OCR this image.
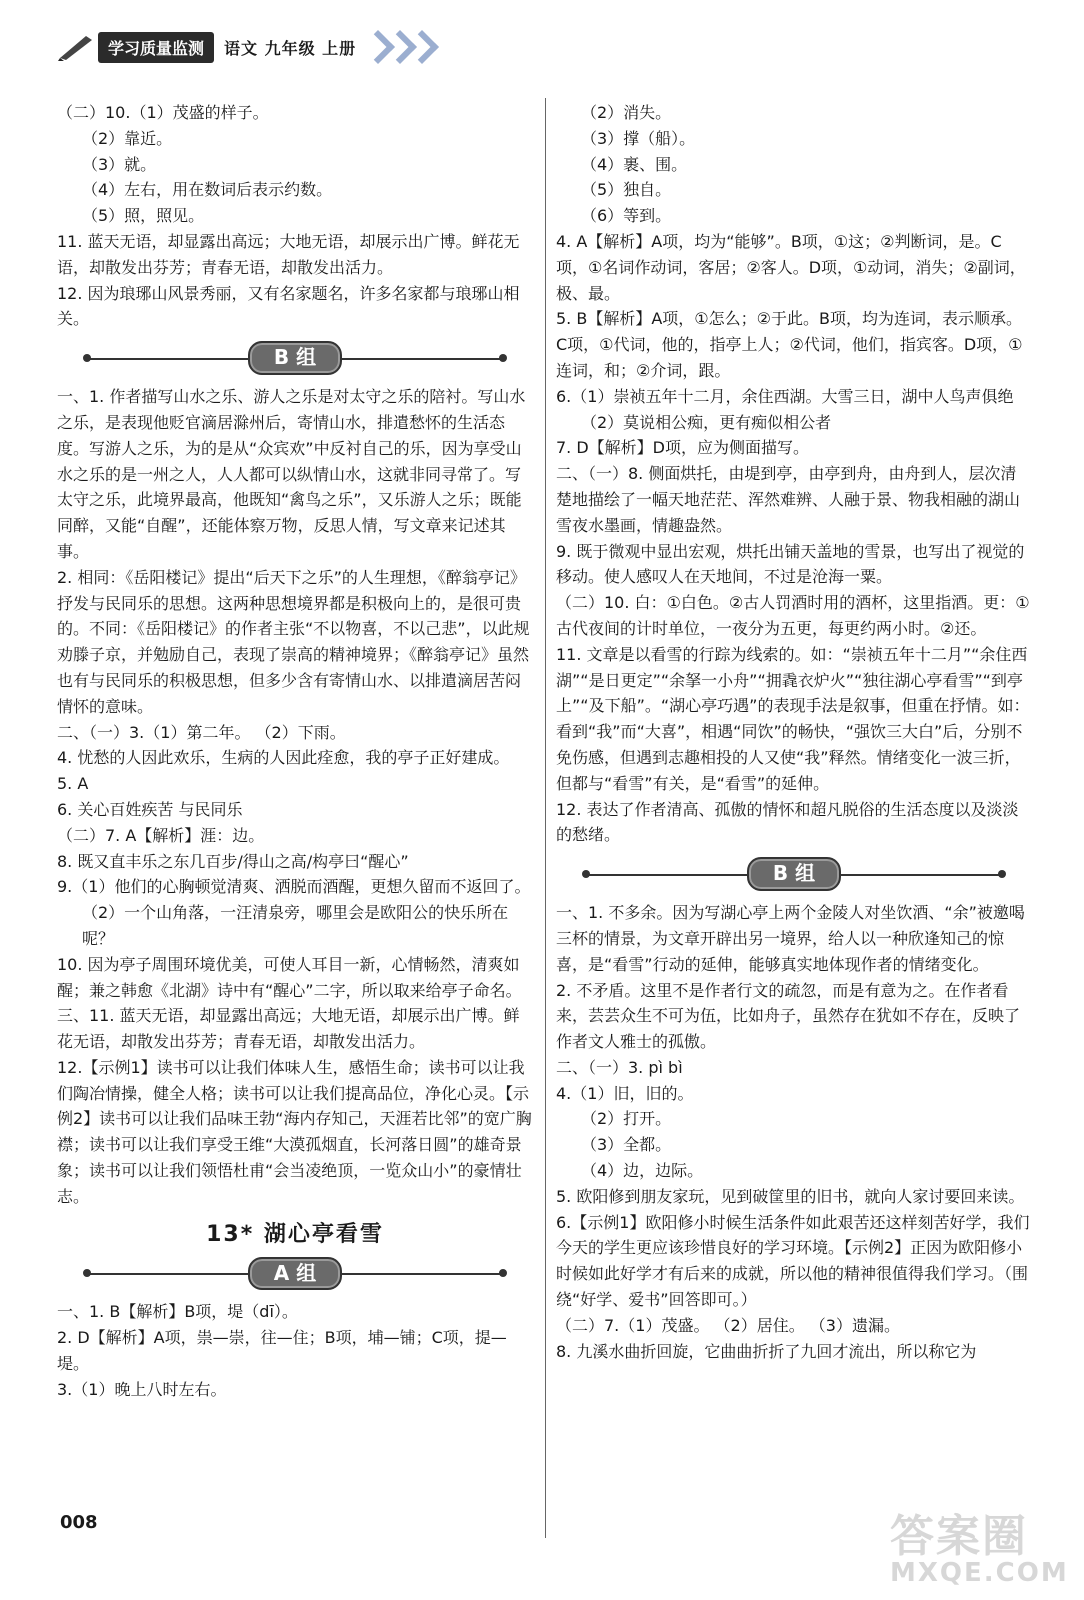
学习质量监测	语文 九年级 上册

（二）10.（1）茂盛的样子。

（2）靠近。

（3）就。

（4）左右，用在数词后表示约数。

（5）照，照见。

11. 蓝天无语，却显露出高远；大地无语，却展示出广博。鲜花无语，却散发出芬芳；青春无语，却散发出活力。

12. 因为琅琊山风景秀丽，又有名家题名，许多名家都与琅琊山相关。

B 组

一、1. 作者描写山水之乐、游人之乐是对太守之乐的陪衬。写山水之乐，是表现他贬官滴居滁州后，寄情山水，排遣愁怀的生活态度。写游人之乐，为的是从“众宾欢”中反衬自己的乐，因为享受山水之乐的是一州之人，人人都可以纵情山水，这就非同寻常了。写太守之乐，此境界最高，他既知“禽鸟之乐”，又乐游人之乐；既能同醉，又能“自醒”，还能体察万物，反思人情，写文章来记述其事。

2. 相同：《岳阳楼记》提出“后天下之乐”的人生理想，《醉翁亭记》抒发与民同乐的思想。这两种思想境界都是积极向上的，是很可贵的。不同：《岳阳楼记》的作者主张“不以物喜，不以己悲”，以此规劝滕子京，并勉励自己，表现了崇高的精神境界；《醉翁亭记》虽然也有与民同乐的积极思想，但多少含有寄情山水、以排遣滴居苦闷情怀的意味。

二、（一）3.（1）第二年。 （2）下雨。

4. 忧愁的人因此欢乐，生病的人因此痊愈，我的亭子正好建成。

5. A

6. 关心百姓疾苦 与民同乐

（二）7. A【解析】涯：边。

8. 既又直丰乐之东几百步/得山之高/构亭曰“醒心”

9.（1）他们的心胸顿觉清爽、洒脱而酒醒，更想久留而不返回了。

（2）一个山角落，一汪清泉旁，哪里会是欧阳公的快乐所在呢？

10. 因为亭子周围环境优美，可使人耳目一新，心情畅然，清爽如醒；兼之韩愈《北湖》诗中有“醒心”二字，所以取来给亭子命名。

三、11. 蓝天无语，却显露出高远；大地无语，却展示出广博。鲜花无语，却散发出芬芳；青春无语，却散发出活力。

12.【示例1】读书可以让我们体味人生，感悟生命；读书可以让我们陶冶情操，健全人格；读书可以让我们提高品位，净化心灵。【示例2】读书可以让我们品味王勃“海内存知己，天涯若比邻”的宽广胸襟；读书可以让我们享受王维“大漠孤烟直，长河落日圆”的雄奇景象；读书可以让我们领悟杜甫“会当凌绝顶，一览众山小”的豪情壮志。

13* 湖心亭看雪
A 组

一、1. B【解析】B项，堤（dī）。

2. D【解析】A项，祟—崇，往—住；B项，埔—铺；C项，提—堤。

3.（1）晚上八时左右。

（2）消失。

（3）撑（船）。

（4）裹、围。

（5）独自。

（6）等到。

4. A【解析】A项，均为“能够”。B项，①这；②判断词，是。C项，①名词作动词，客居；②客人。D项，①动词，消失；②副词，极、最。

5. B【解析】A项，①怎么；②于此。B项，均为连词，表示顺承。C项，①代词，他的，指亭上人；②代词，他们，指宾客。D项，①连词，和；②介词，跟。

6.（1）崇祯五年十二月，余住西湖。大雪三日，湖中人鸟声俱绝

（2）莫说相公痴，更有痴似相公者

7. D【解析】D项，应为侧面描写。

二、（一）8. 侧面烘托，由堤到亭，由亭到舟，由舟到人，层次清楚地描绘了一幅天地茫茫、浑然难辨、人融于景、物我相融的湖山雪夜水墨画，情趣盎然。

9. 既于微观中显出宏观，烘托出铺天盖地的雪景，也写出了视觉的移动。使人感叹人在天地间，不过是沧海一粟。

（二）10. 白：①白色。②古人罚酒时用的酒杯，这里指酒。更：①古代夜间的计时单位，一夜分为五更，每更约两小时。②还。

11. 文章是以看雪的行踪为线索的。如：“崇祯五年十二月”“余住西湖”“是日更定”“余拏一小舟”“拥毳衣炉火”“独往湖心亭看雪”“到亭上”“及下船”。“湖心亭巧遇”的表现手法是叙事，但重在抒情。如：看到“我”而“大喜”，相遇“同饮”的畅快，“强饮三大白”后，分别不免伤感，但遇到志趣相投的人又使“我”释然。情绪变化一波三折，但都与“看雪”有关，是“看雪”的延伸。

12. 表达了作者清高、孤傲的情怀和超凡脱俗的生活态度以及淡淡的愁绪。

B 组

一、1. 不多余。因为写湖心亭上两个金陵人对坐饮酒、“余”被邀喝三杯的情景，为文章开辟出另一境界，给人以一种欣逢知己的惊喜，是“看雪”行动的延伸，能够真实地体现作者的情绪变化。

2. 不矛盾。这里不是作者行文的疏忽，而是有意为之。在作者看来，芸芸众生不可为伍，比如舟子，虽然存在犹如不存在，反映了作者文人雅士的孤傲。

二、（一）3. pì bì

4.（1）旧，旧的。

（2）打开。

（3）全都。

（4）边，边际。

5. 欧阳修到朋友家玩，见到破筐里的旧书，就向人家讨要回来读。

6.【示例1】欧阳修小时候生活条件如此艰苦还这样刻苦好学，我们今天的学生更应该珍惜良好的学习环境。【示例2】正因为欧阳修小时候如此好学才有后来的成就，所以他的精神很值得我们学习。（围绕“好学、爱书”回答即可。）

（二）7.（1）茂盛。 （2）居住。 （3）遗漏。

8. 九溪水曲折回旋，它曲曲折折了九回才流出，所以称它为

008	答案圈
MXQE.COM
